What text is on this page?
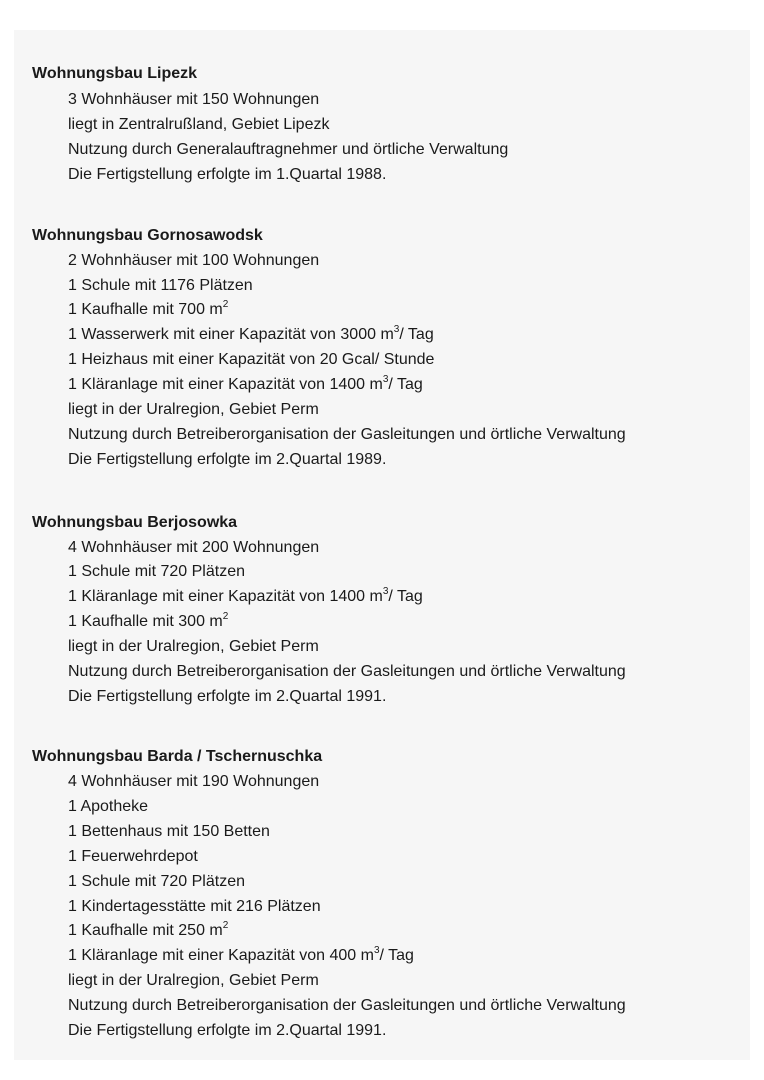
Wohnungsbau Lipezk
3 Wohnhäuser mit 150 Wohnungen
liegt in Zentralrußland, Gebiet Lipezk
Nutzung durch Generalauftragnehmer und örtliche Verwaltung
Die Fertigstellung erfolgte im 1.Quartal 1988.
Wohnungsbau Gornosawodsk
2 Wohnhäuser mit 100 Wohnungen
1 Schule mit 1176 Plätzen
1 Kaufhalle mit 700 $m^2$
1 Wasserwerk mit einer Kapazität von 3000 $m^3/$ Tag
1 Heizhaus mit einer Kapazität von 20 Gcal/ Stunde
1 Kläranlage mit einer Kapazität von 1400 $m^3/$ Tag
liegt in der Uralregion, Gebiet Perm
Nutzung durch Betreiberorganisation der Gasleitungen und örtliche Verwaltung
Die Fertigstellung erfolgte im 2.Quartal 1989.
Wohnungsbau Berjosowka
4 Wohnhäuser mit 200 Wohnungen
1 Schule mit 720 Plätzen
1 Kläranlage mit einer Kapazität von 1400 $m^3/$ Tag
1 Kaufhalle mit 300 $m^2$
liegt in der Uralregion, Gebiet Perm
Nutzung durch Betreiberorganisation der Gasleitungen und örtliche Verwaltung
Die Fertigstellung erfolgte im 2.Quartal 1991.
Wohnungsbau Barda / Tschernuschka
4 Wohnhäuser mit 190 Wohnungen
1 Apotheke
1 Bettenhaus mit 150 Betten
1 Feuerwehrdepot
1 Schule mit 720 Plätzen
1 Kindertagesstätte mit 216 Plätzen
1 Kaufhalle mit 250 $m^2$
1 Kläranlage mit einer Kapazität von 400 $m^3/$ Tag
liegt in der Uralregion, Gebiet Perm
Nutzung durch Betreiberorganisation der Gasleitungen und örtliche Verwaltung
Die Fertigstellung erfolgte im 2.Quartal 1991.
